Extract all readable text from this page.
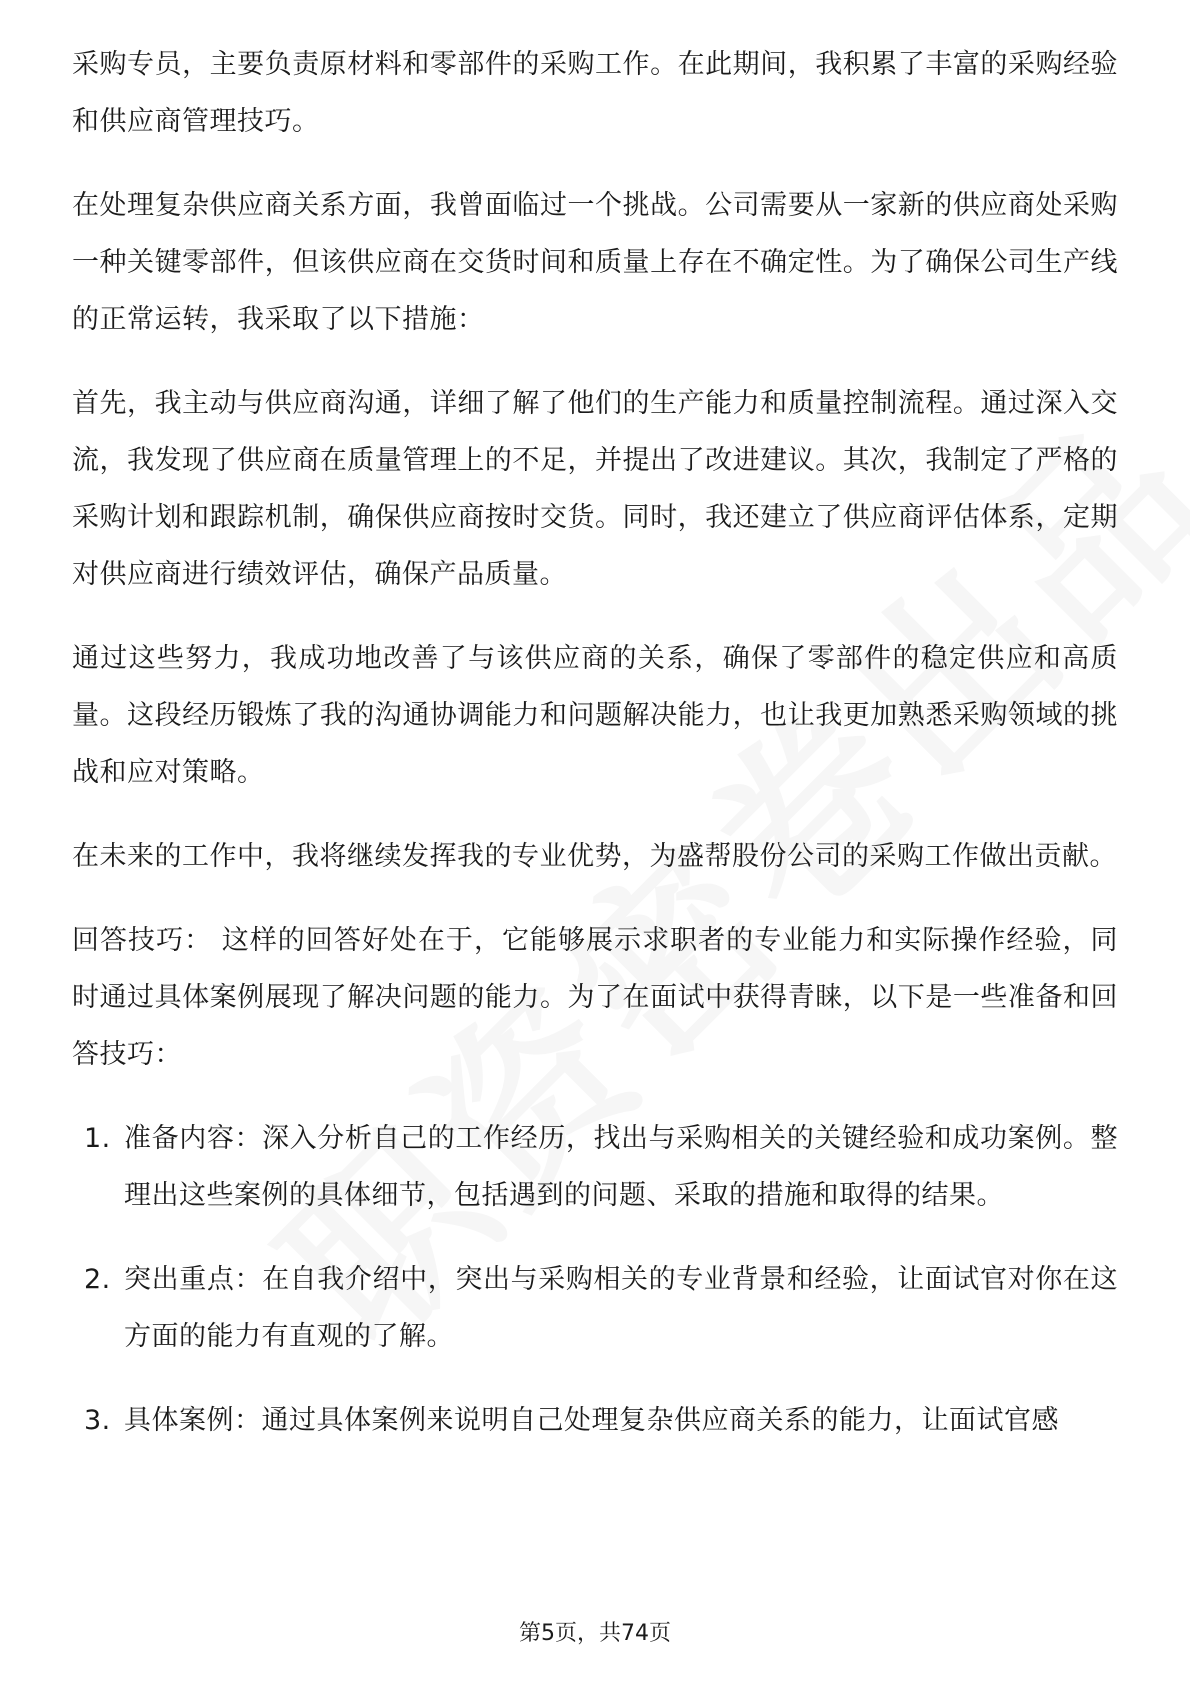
采购专员，主要负责原材料和零部件的采购工作。在此期间，我积累了丰富的采购经验和供应商管理技巧。

在处理复杂供应商关系方面，我曾面临过一个挑战。公司需要从一家新的供应商处采购一种关键零部件，但该供应商在交货时间和质量上存在不确定性。为了确保公司生产线的正常运转，我采取了以下措施：

首先，我主动与供应商沟通，详细了解了他们的生产能力和质量控制流程。通过深入交流，我发现了供应商在质量管理上的不足，并提出了改进建议。其次，我制定了严格的采购计划和跟踪机制，确保供应商按时交货。同时，我还建立了供应商评估体系，定期对供应商进行绩效评估，确保产品质量。

通过这些努力，我成功地改善了与该供应商的关系，确保了零部件的稳定供应和高质量。这段经历锻炼了我的沟通协调能力和问题解决能力，也让我更加熟悉采购领域的挑战和应对策略。

在未来的工作中，我将继续发挥我的专业优势，为盛帮股份公司的采购工作做出贡献。

回答技巧： 这样的回答好处在于，它能够展示求职者的专业能力和实际操作经验，同时通过具体案例展现了解决问题的能力。为了在面试中获得青睐，以下是一些准备和回答技巧：

1. 准备内容：深入分析自己的工作经历，找出与采购相关的关键经验和成功案例。整理出这些案例的具体细节，包括遇到的问题、采取的措施和取得的结果。
2. 突出重点：在自我介绍中，突出与采购相关的专业背景和经验，让面试官对你在这方面的能力有直观的了解。
3. 具体案例：通过具体案例来说明自己处理复杂供应商关系的能力，让面试官感
第5页，共74页
